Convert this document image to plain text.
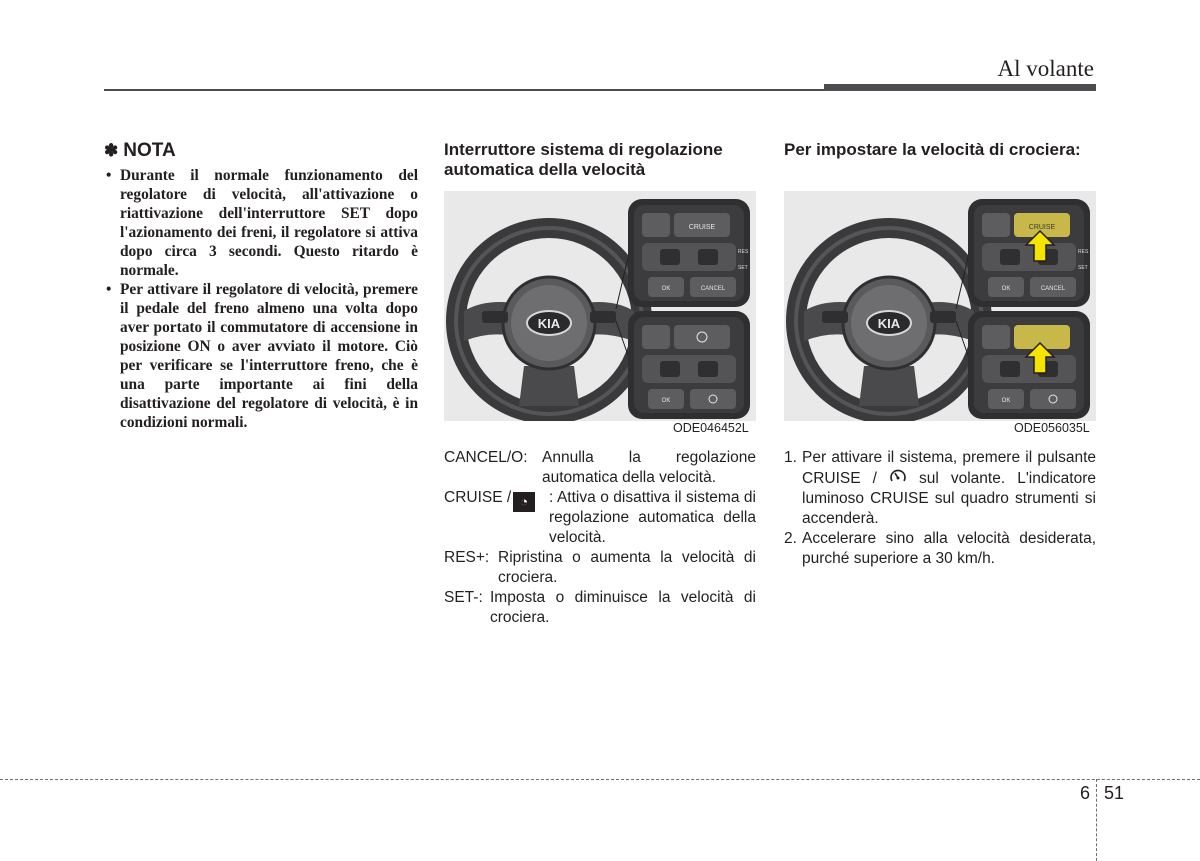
Al volante
✽ NOTA
• Durante il normale funzionamento del regolatore di velocità, all'attivazione o riattivazione dell'interruttore SET dopo l'azionamento dei freni, il regolatore si attiva dopo circa 3 secondi. Questo ritardo è normale.
• Per attivare il regolatore di velocità, premere il pedale del freno almeno una volta dopo aver portato il commutatore di accensione in posizione ON o aver avviato il motore. Ciò per verificare se l'interruttore freno, che è una parte importante ai fini della disattivazione del regolatore di velocità, è in condizioni normali.
Interruttore sistema di regolazione automatica della velocità
KIA
CRUISE
RES
SET
OK	CANCEL
OK
ODE046452L
CANCEL/O: Annulla la regolazione automatica della velocità.
CRUISE / ◔	: Attiva o disattiva il sistema di regolazione automatica della velocità.
RES+: Ripristina o aumenta la velocità di crociera.
SET-: Imposta o diminuisce la velocità di crociera.
Per impostare la velocità di crociera:
KIA
CRUISE
RES
SET
OK	CANCEL
OK
ODE056035L
1. Per attivare il sistema, premere il pulsante CRUISE /	sul volante. L'indicatore luminoso CRUISE sul quadro strumenti si accenderà.
2. Accelerare sino alla velocità desiderata, purché superiore a 30 km/h.
6 51
